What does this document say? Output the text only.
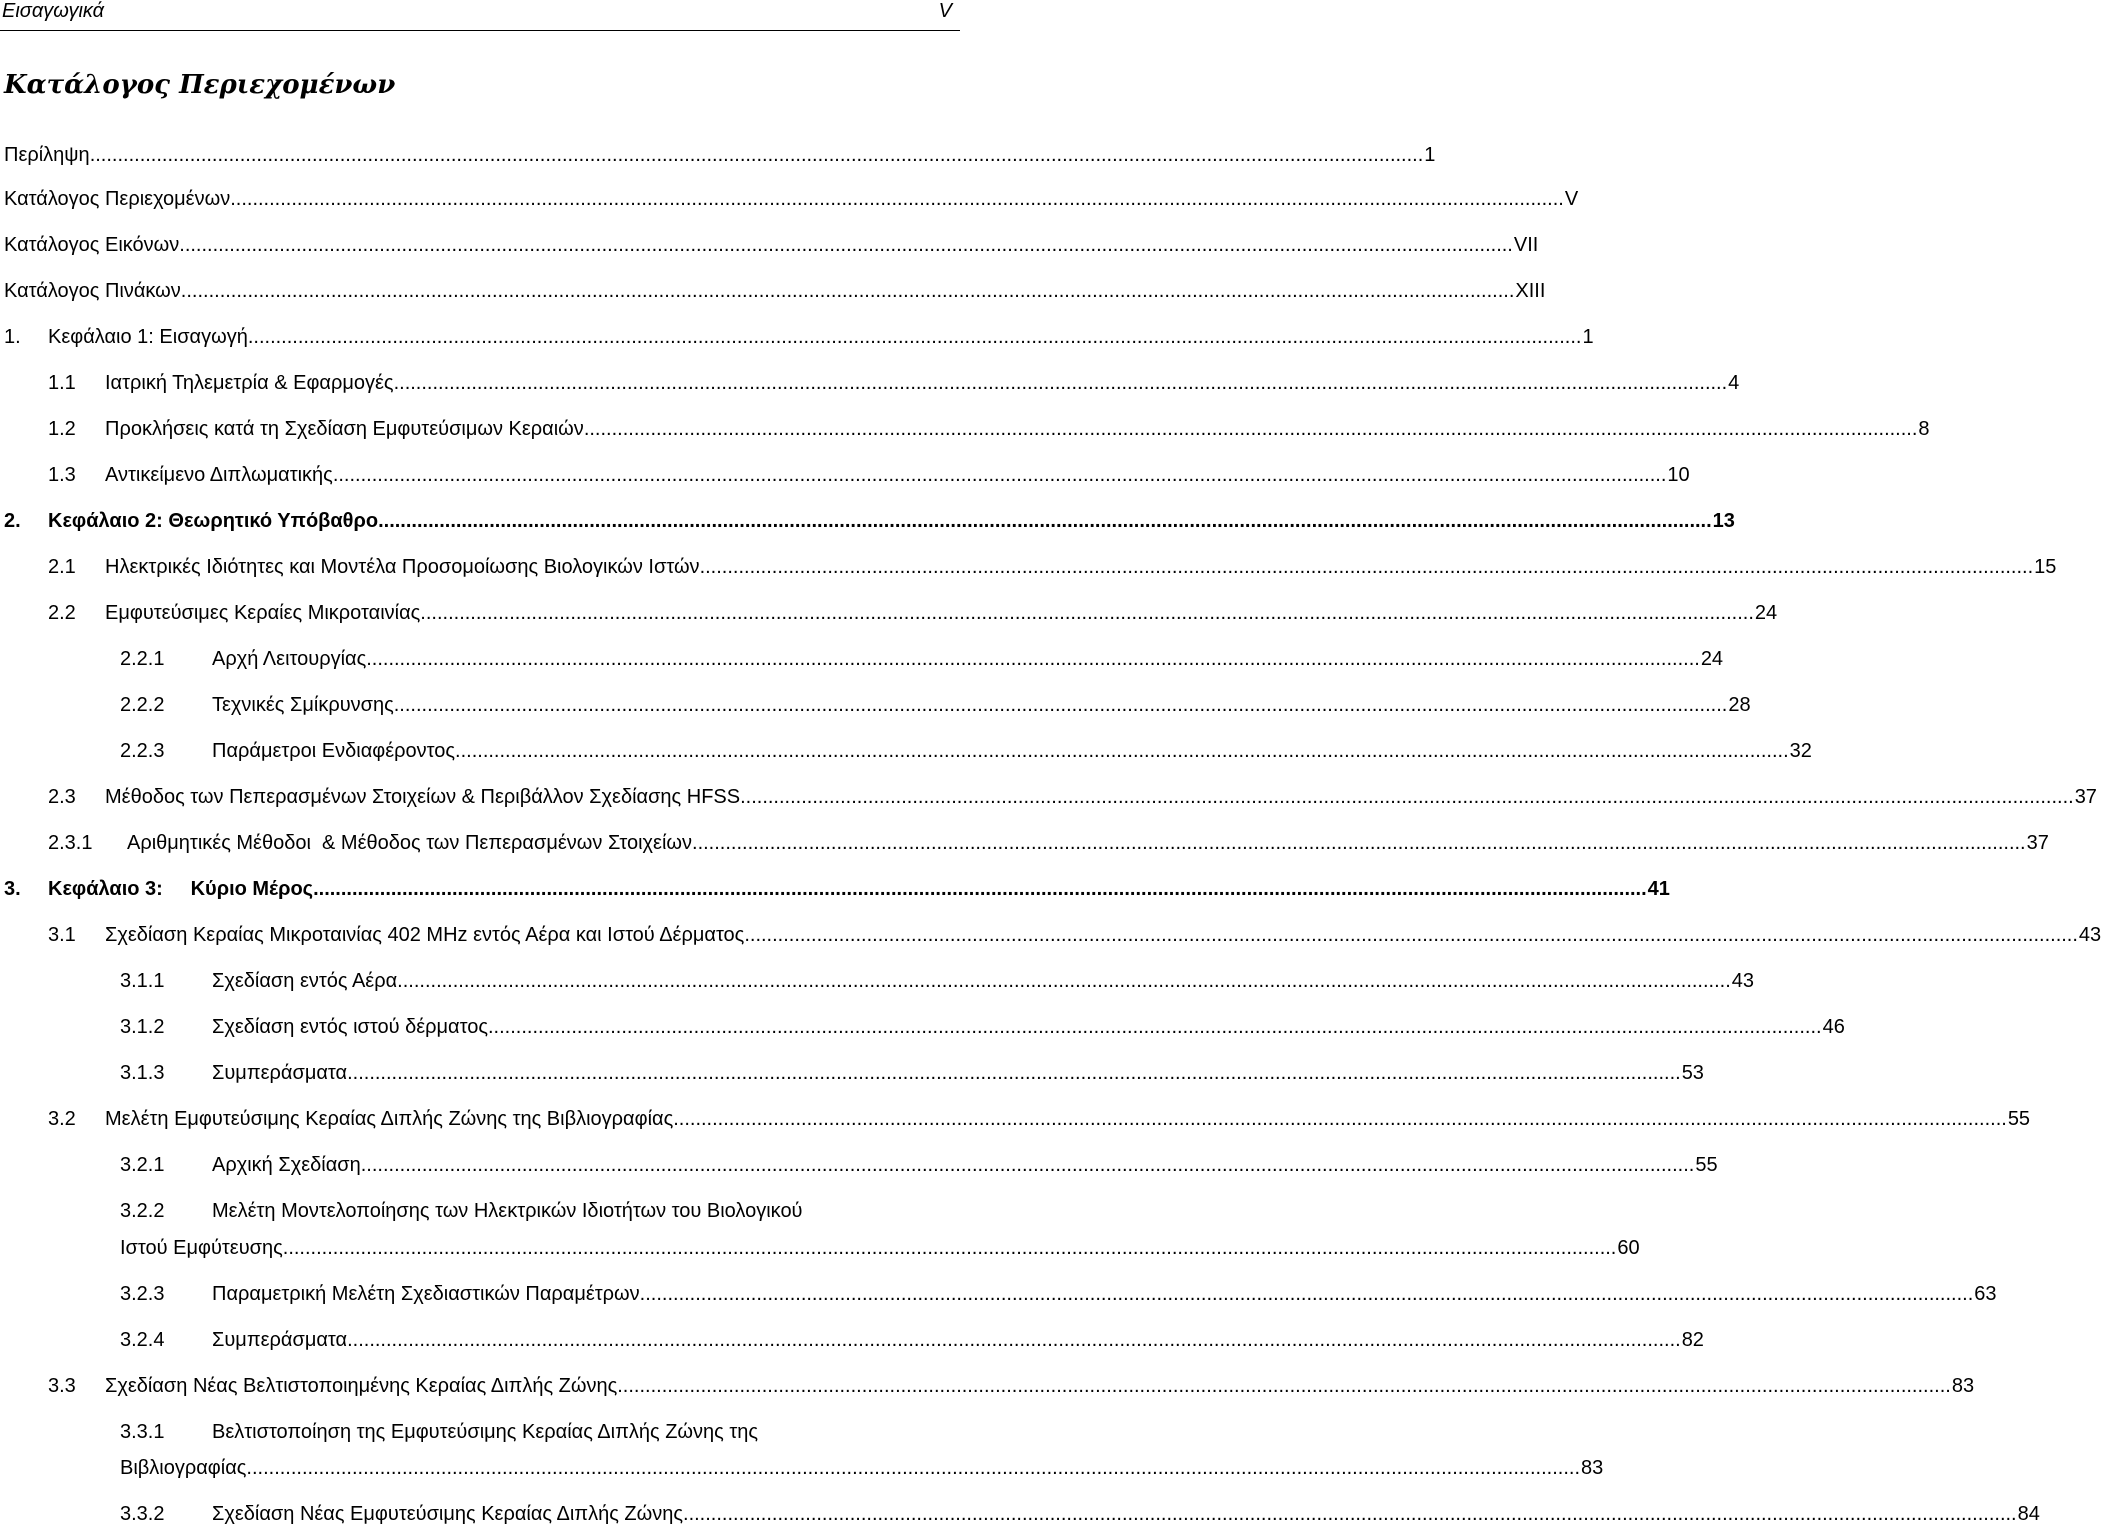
Εισαγωγικά	V
Κατάλογος Περιεχομένων
Περίληψη .....	1
Κατάλογος Περιεχομένων .....	V
Κατάλογος Εικόνων .....	VII
Κατάλογος Πινάκων .....	XIII
1.	Κεφάλαιο 1: Εισαγωγή .....	1
1.1	Ιατρική Τηλεμετρία & Εφαρμογές .....	4
1.2	Προκλήσεις κατά τη Σχεδίαση Εμφυτεύσιμων Κεραιών .....	8
1.3	Αντικείμενο Διπλωματικής .....	10
2.	Κεφάλαιο 2: Θεωρητικό Υπόβαθρο .....	13
2.1	Ηλεκτρικές Ιδιότητες και Μοντέλα Προσομοίωσης Βιολογικών Ιστών .....	15
2.2	Εμφυτεύσιμες Κεραίες Μικροταινίας .....	24
2.2.1	Αρχή Λειτουργίας .....	24
2.2.2	Τεχνικές Σμίκρυνσης .....	28
2.2.3	Παράμετροι Ενδιαφέροντος .....	32
2.3	Μέθοδος των Πεπερασμένων Στοιχείων & Περιβάλλον Σχεδίασης HFSS .....	37
2.3.1	Αριθμητικές Μέθοδοι  & Μέθοδος των Πεπερασμένων Στοιχείων .....	37
3.	Κεφάλαιο 3:     Κύριο Μέρος .....	41
3.1	Σχεδίαση Κεραίας Μικροταινίας 402 MHz εντός Αέρα και Ιστού Δέρματος .....	43
3.1.1	Σχεδίαση εντός Αέρα .....	43
3.1.2	Σχεδίαση εντός ιστού δέρματος .....	46
3.1.3	Συμπεράσματα .....	53
3.2	Μελέτη Εμφυτεύσιμης Κεραίας Διπλής Ζώνης της Βιβλιογραφίας .....	55
3.2.1	Αρχική Σχεδίαση .....	55
3.2.2 Μελέτη Μοντελοποίησης των Ηλεκτρικών Ιδιοτήτων του Βιολογικού
Ιστού Εμφύτευσης .....	60
3.2.3	Παραμετρική Μελέτη Σχεδιαστικών Παραμέτρων .....	63
3.2.4	Συμπεράσματα .....	82
3.3	Σχεδίαση Νέας Βελτιστοποιημένης Κεραίας Διπλής Ζώνης .....	83
3.3.1 Βελτιστοποίηση της Εμφυτεύσιμης Κεραίας Διπλής Ζώνης της
Βιβλιογραφίας .....	83
3.3.2	Σχεδίαση Νέας Εμφυτεύσιμης Κεραίας Διπλής Ζώνης .....	84
